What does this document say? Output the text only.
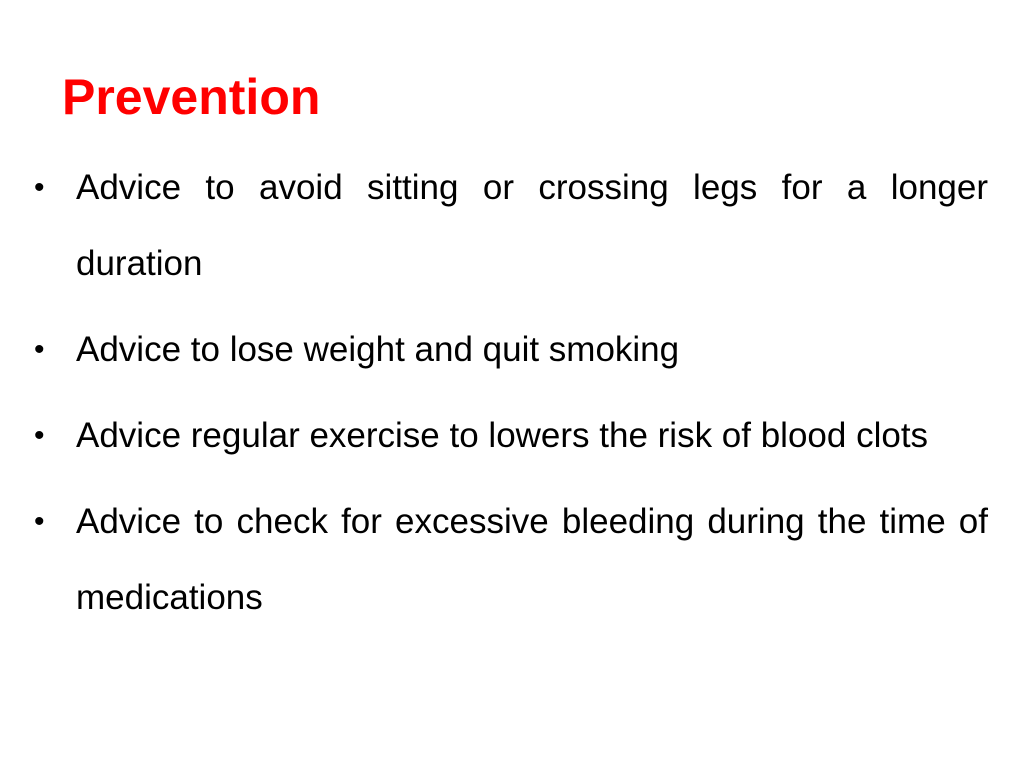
Prevention
• Advice to avoid sitting or crossing legs for a longer duration
• Advice to lose weight and quit smoking
• Advice regular exercise to lowers the risk of blood clots
• Advice to check for excessive bleeding during the time of medications
